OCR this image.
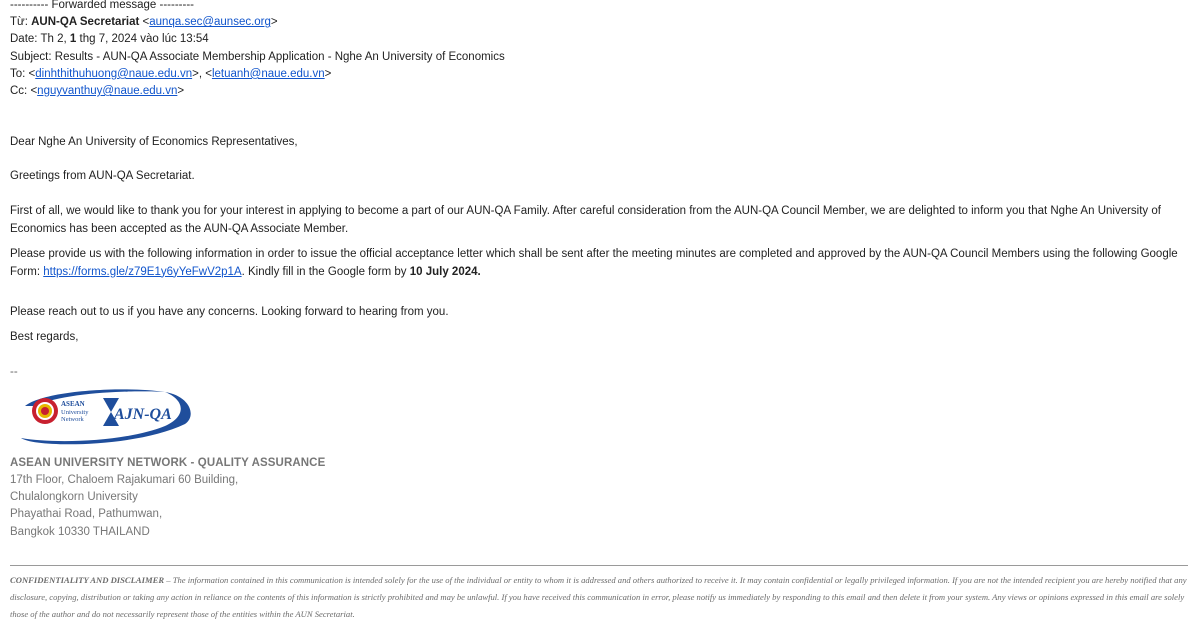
---------- Forwarded message ---------
Từ: AUN-QA Secretariat <aunqa.sec@aunsec.org>
Date: Th 2, 1 thg 7, 2024 vào lúc 13:54
Subject: Results - AUN-QA Associate Membership Application - Nghe An University of Economics
To: <dinhthithuhuong@naue.edu.vn>, <letuanh@naue.edu.vn>
Cc: <nguyvanthuy@naue.edu.vn>
Dear Nghe An University of Economics Representatives,
Greetings from AUN-QA Secretariat.
First of all, we would like to thank you for your interest in applying to become a part of our AUN-QA Family. After careful consideration from the AUN-QA Council Member, we are delighted to inform you that Nghe An University of Economics has been accepted as the AUN-QA Associate Member.
Please provide us with the following information in order to issue the official acceptance letter which shall be sent after the meeting minutes are completed and approved by the AUN-QA Council Members using the following Google Form: https://forms.gle/z79E1y6yYeFwV2p1A. Kindly fill in the Google form by 10 July 2024.
Please reach out to us if you have any concerns. Looking forward to hearing from you.
Best regards,
--
ASEAN
University
Network AJN-QA
ASEAN UNIVERSITY NETWORK - QUALITY ASSURANCE
17th Floor, Chaloem Rajakumari 60 Building,
Chulalongkorn University
Phayathai Road, Pathumwan,
Bangkok 10330 THAILAND
CONFIDENTIALITY AND DISCLAIMER – The information contained in this communication is intended solely for the use of the individual or entity to whom it is addressed and others authorized to receive it. It may contain confidential or legally privileged information. If you are not the intended recipient you are hereby notified that any disclosure, copying, distribution or taking any action in reliance on the contents of this information is strictly prohibited and may be unlawful. If you have received this communication in error, please notify us immediately by responding to this email and then delete it from your system. Any views or opinions expressed in this email are solely those of the author and do not necessarily represent those of the entities within the AUN Secretariat.
